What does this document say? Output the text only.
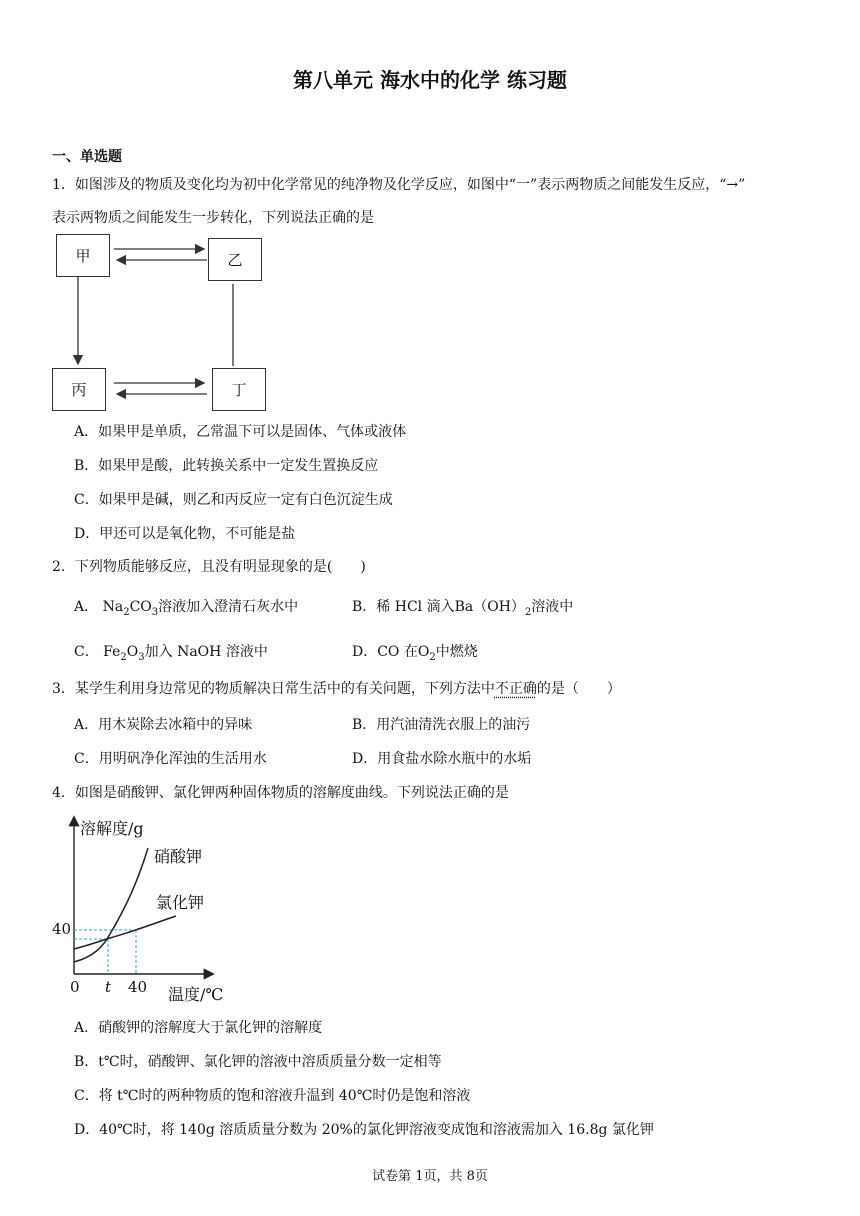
第八单元 海水中的化学 练习题
一、单选题
1．如图涉及的物质及变化均为初中化学常见的纯净物及化学反应，如图中“一”表示两物质之间能发生反应，“→”
表示两物质之间能发生一步转化，下列说法正确的是
甲	乙
丙	丁
A．如果甲是单质，乙常温下可以是固体、气体或液体
B．如果甲是酸，此转换关系中一定发生置换反应
C．如果甲是碱，则乙和丙反应一定有白色沉淀生成
D．甲还可以是氧化物，不可能是盐
2．下列物质能够反应，且没有明显现象的是(　　)
A． $Na_2CO_3$溶液加入澄清石灰水中	B．稀 HCl 滴入$Ba(OH)_2$溶液中
C． $Fe_2O_3$加入 NaOH 溶液中	D．CO 在$O_2$中燃烧
3．某学生利用身边常见的物质解决日常生活中的有关问题，下列方法中不正确的是（　　）
A．用木炭除去冰箱中的异味	B．用汽油清洗衣服上的油污
C．用明矾净化浑浊的生活用水	D．用食盐水除水瓶中的水垢
4．如图是硝酸钾、氯化钾两种固体物质的溶解度曲线。下列说法正确的是
溶解度/g
硝酸钾
氯化钾
40
0 t 40 温度/℃
A．硝酸钾的溶解度大于氯化钾的溶解度
B．t℃时，硝酸钾、氯化钾的溶液中溶质质量分数一定相等
C．将 t℃时的两种物质的饱和溶液升温到 40℃时仍是饱和溶液
D．40℃时，将 140g 溶质质量分数为 20%的氯化钾溶液变成饱和溶液需加入 16.8g 氯化钾
试卷第 1页，共 8页
